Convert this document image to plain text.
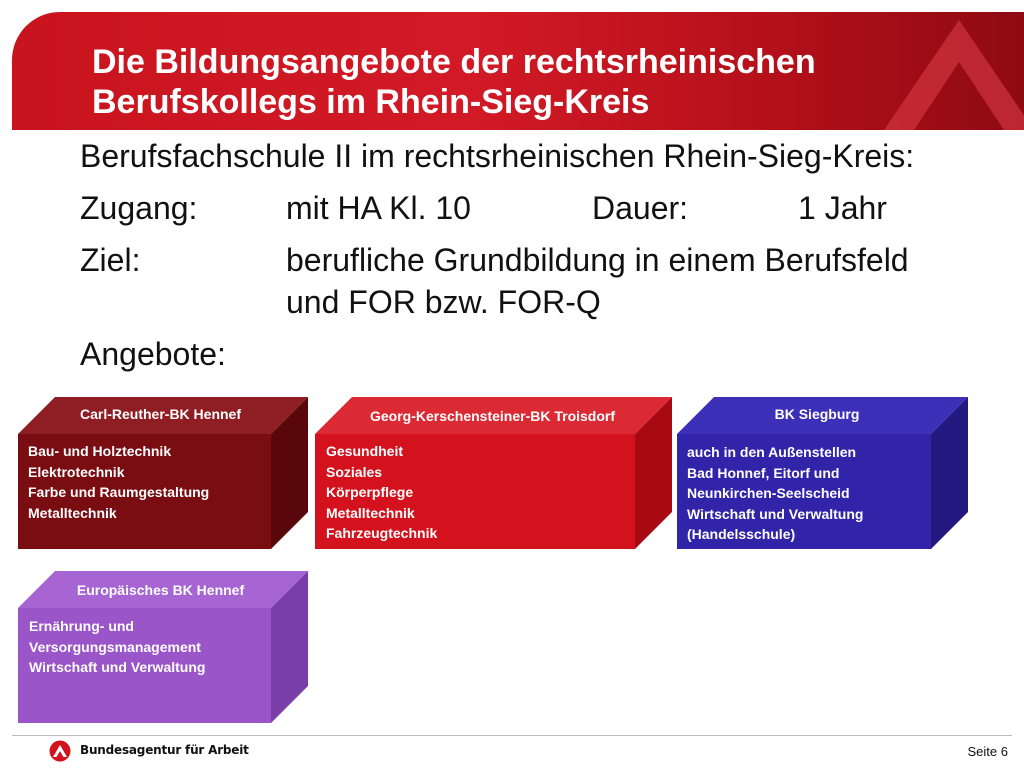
Die Bildungsangebote der rechtsrheinischen
Berufskollegs im Rhein-Sieg-Kreis
Berufsfachschule II im rechtsrheinischen Rhein-Sieg-Kreis:
Zugang:	mit HA Kl. 10	Dauer:	1 Jahr
Ziel:	berufliche Grundbildung in einem Berufsfeld
und FOR bzw. FOR-Q
Angebote:
Carl-Reuther-BK Hennef
Bau- und Holztechnik
Elektrotechnik
Farbe und Raumgestaltung
Metalltechnik
Georg-Kerschensteiner-BK Troisdorf
Gesundheit
Soziales
Körperpflege
Metalltechnik
Fahrzeugtechnik
BK Siegburg
auch in den Außenstellen
Bad Honnef, Eitorf und
Neunkirchen-Seelscheid
Wirtschaft und Verwaltung
(Handelsschule)
Europäisches BK Hennef
Ernährung- und
Versorgungsmanagement
Wirtschaft und Verwaltung
Bundesagentur für Arbeit	Seite 6
